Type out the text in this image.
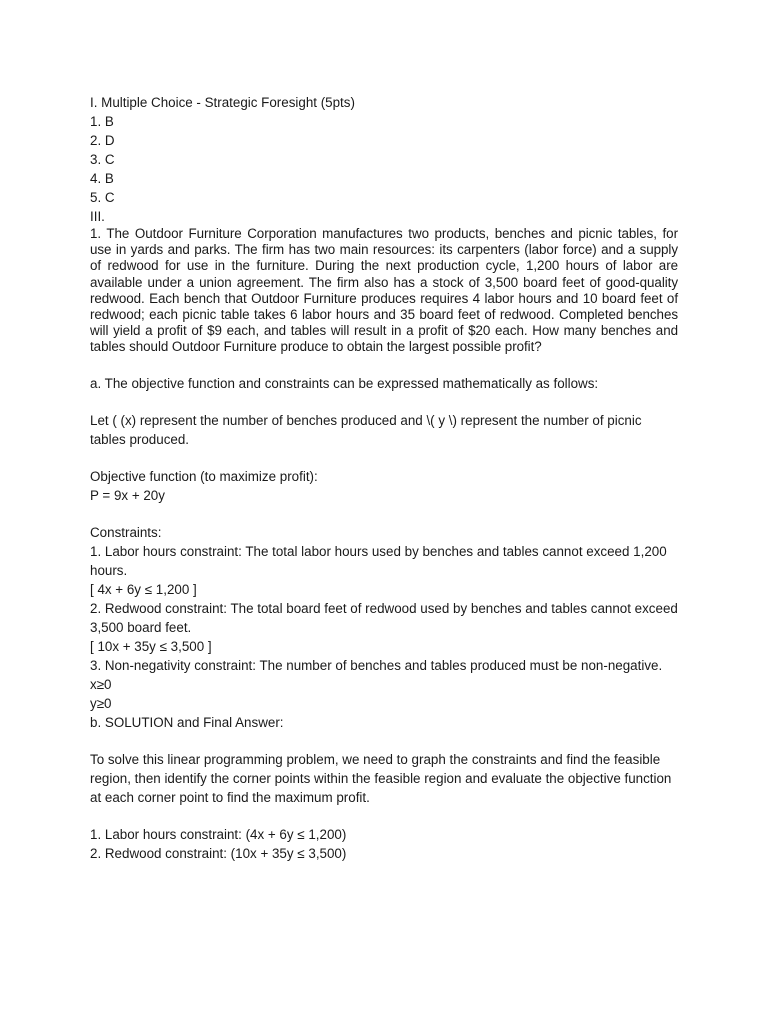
I. Multiple Choice - Strategic Foresight (5pts)
1. B
2. D
3. C
4. B
5. C
III.
1. The Outdoor Furniture Corporation manufactures two products, benches and picnic tables, for use in yards and parks. The firm has two main resources: its carpenters (labor force) and a supply of redwood for use in the furniture. During the next production cycle, 1,200 hours of labor are available under a union agreement. The firm also has a stock of 3,500 board feet of good-quality redwood. Each bench that Outdoor Furniture produces requires 4 labor hours and 10 board feet of redwood; each picnic table takes 6 labor hours and 35 board feet of redwood. Completed benches will yield a profit of $9 each, and tables will result in a profit of $20 each. How many benches and tables should Outdoor Furniture produce to obtain the largest possible profit?
a. The objective function and constraints can be expressed mathematically as follows:
Let ( (x) represent the number of benches produced and \( y \) represent the number of picnic tables produced.
Objective function (to maximize profit):
P = 9x + 20y
Constraints:
1. Labor hours constraint: The total labor hours used by benches and tables cannot exceed 1,200 hours.
[ 4x + 6y ≤ 1,200 ]
2. Redwood constraint: The total board feet of redwood used by benches and tables cannot exceed 3,500 board feet.
[ 10x + 35y ≤ 3,500 ]
3. Non-negativity constraint: The number of benches and tables produced must be non-negative.
x≥0
y≥0
b. SOLUTION and Final Answer:
To solve this linear programming problem, we need to graph the constraints and find the feasible region, then identify the corner points within the feasible region and evaluate the objective function at each corner point to find the maximum profit.
1. Labor hours constraint: (4x + 6y ≤ 1,200)
2. Redwood constraint: (10x + 35y ≤ 3,500)
